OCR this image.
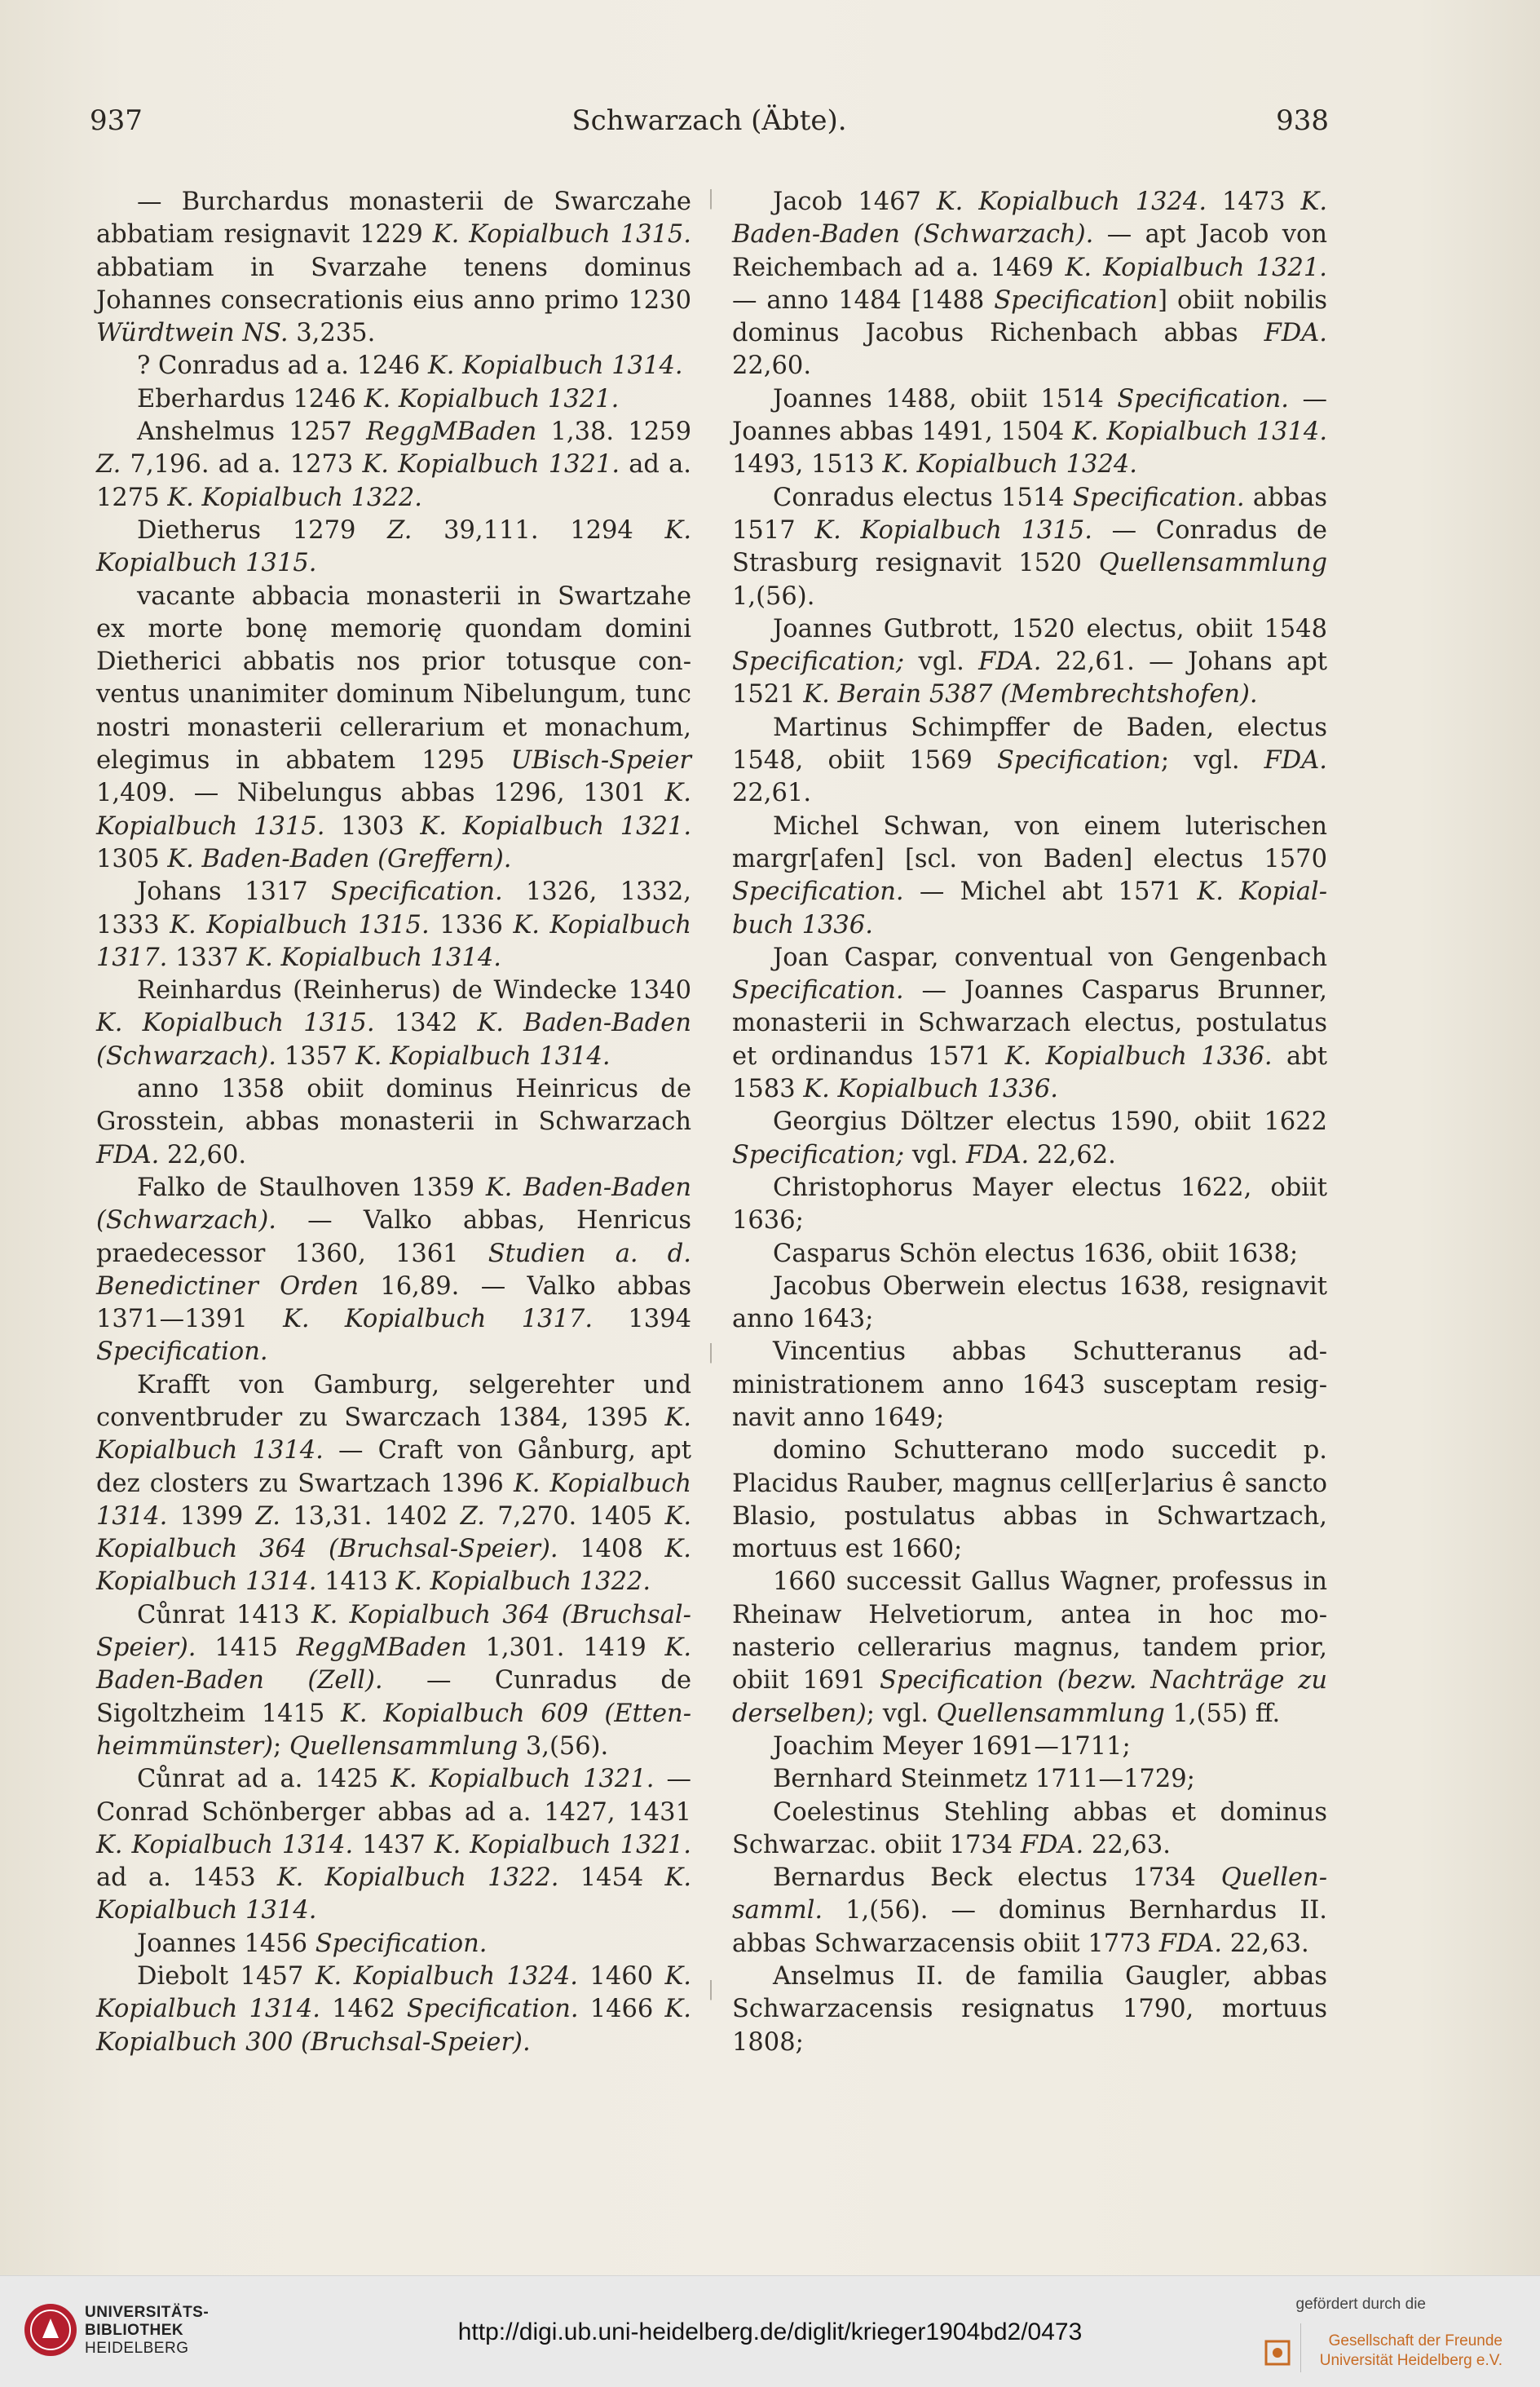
937	Schwarzach (Äbte).	938

— Burchardus monasterii de Swarczahe abbatiam resignavit 1229 K. Kopialbuch 1315. abbatiam in Svarzahe tenens dominus Johannes consecrationis eius anno primo 1230 Würdtwein NS. 3,235.

? Conradus ad a. 1246 K. Kopialbuch 1314.

Eberhardus 1246 K. Kopialbuch 1321.

Anshelmus 1257 ReggMBaden 1,38. 1259 Z. 7,196. ad a. 1273 K. Kopialbuch 1321. ad a. 1275 K. Kopialbuch 1322.

Dietherus 1279 Z. 39,111. 1294 K. Kopialbuch 1315.

vacante abbacia monasterii in Swartzahe ex morte bonę memorię quondam domini Dietherici abbatis nos prior totusque conventus unanimiter dominum Nibelungum, tunc nostri monasterii cellerarium et monachum, elegimus in abbatem 1295 UBisch-Speier 1,409. — Nibelungus abbas 1296, 1301 K. Kopialbuch 1315. 1303 K. Kopialbuch 1321. 1305 K. Baden-Baden (Greffern).

Johans 1317 Specification. 1326, 1332, 1333 K. Kopialbuch 1315. 1336 K. Kopialbuch 1317. 1337 K. Kopialbuch 1314.

Reinhardus (Reinherus) de Windecke 1340 K. Kopialbuch 1315. 1342 K. Baden-Baden (Schwarzach). 1357 K. Kopialbuch 1314.

anno 1358 obiit dominus Heinricus de Grosstein, abbas monasterii in Schwarzach FDA. 22,60.

Falko de Staulhoven 1359 K. Baden-Baden (Schwarzach). — Valko abbas, Henricus praedecessor 1360, 1361 Studien a. d. Benedictiner Orden 16,89. — Valko abbas 1371—1391 K. Kopialbuch 1317. 1394 Specification.

Krafft von Gamburg, selgerehter und conventbruder zu Swarczach 1384, 1395 K. Kopialbuch 1314. — Craft von Gånburg, apt dez closters zu Swartzach 1396 K. Kopialbuch 1314. 1399 Z. 13,31. 1402 Z. 7,270. 1405 K. Kopialbuch 364 (Bruchsal-Speier). 1408 K. Kopialbuch 1314. 1413 K. Kopialbuch 1322.

Cůnrat 1413 K. Kopialbuch 364 (Bruchsal-Speier). 1415 ReggMBaden 1,301. 1419 K. Baden-Baden (Zell). — Cunradus de Sigoltzheim 1415 K. Kopialbuch 609 (Ettenheimmünster); Quellensammlung 3,(56).

Cůnrat ad a. 1425 K. Kopialbuch 1321. — Conrad Schönberger abbas ad a. 1427, 1431 K. Kopialbuch 1314. 1437 K. Kopialbuch 1321. ad a. 1453 K. Kopialbuch 1322. 1454 K. Kopialbuch 1314.

Joannes 1456 Specification.

Diebolt 1457 K. Kopialbuch 1324. 1460 K. Kopialbuch 1314. 1462 Specification. 1466 K. Kopialbuch 300 (Bruchsal-Speier).

Jacob 1467 K. Kopialbuch 1324. 1473 K. Baden-Baden (Schwarzach). — apt Jacob von Reichembach ad a. 1469 K. Kopialbuch 1321. — anno 1484 [1488 Specification] obiit nobilis dominus Jacobus Richenbach abbas FDA. 22,60.

Joannes 1488, obiit 1514 Specification. — Joannes abbas 1491, 1504 K. Kopialbuch 1314. 1493, 1513 K. Kopialbuch 1324.

Conradus electus 1514 Specification. abbas 1517 K. Kopialbuch 1315. — Conradus de Strasburg resignavit 1520 Quellensammlung 1,(56).

Joannes Gutbrott, 1520 electus, obiit 1548 Specification; vgl. FDA. 22,61. — Johans apt 1521 K. Berain 5387 (Membrechtshofen).

Martinus Schimpffer de Baden, electus 1548, obiit 1569 Specification; vgl. FDA. 22,61.

Michel Schwan, von einem luterischen margr[afen] [scl. von Baden] electus 1570 Specification. — Michel abt 1571 K. Kopialbuch 1336.

Joan Caspar, conventual von Gengenbach Specification. — Joannes Casparus Brunner, monasterii in Schwarzach electus, postulatus et ordinandus 1571 K. Kopialbuch 1336. abt 1583 K. Kopialbuch 1336.

Georgius Döltzer electus 1590, obiit 1622 Specification; vgl. FDA. 22,62.

Christophorus Mayer electus 1622, obiit 1636;

Casparus Schön electus 1636, obiit 1638;

Jacobus Oberwein electus 1638, resignavit anno 1643;

Vincentius abbas Schutteranus administrationem anno 1643 susceptam resignavit anno 1649;

domino Schutterano modo succedit p. Placidus Rauber, magnus cell[er]arius ê sancto Blasio, postulatus abbas in Schwartzach, mortuus est 1660;

1660 successit Gallus Wagner, professus in Rheinaw Helvetiorum, antea in hoc monasterio cellerarius magnus, tandem prior, obiit 1691 Specification (bezw. Nachträge zu derselben); vgl. Quellensammlung 1,(55) ff.

Joachim Meyer 1691—1711;

Bernhard Steinmetz 1711—1729;

Coelestinus Stehling abbas et dominus Schwarzac. obiit 1734 FDA. 22,63.

Bernardus Beck electus 1734 Quellensamml. 1,(56). — dominus Bernhardus II. abbas Schwarzacensis obiit 1773 FDA. 22,63.

Anselmus II. de familia Gaugler, abbas Schwarzacensis resignatus 1790, mortuus 1808;

UNIVERSITÄTS-
BIBLIOTHEK
HEIDELBERG
http://digi.ub.uni-heidelberg.de/diglit/krieger1904bd2/0473
gefördert durch die
Gesellschaft der Freunde
Universität Heidelberg e.V.
